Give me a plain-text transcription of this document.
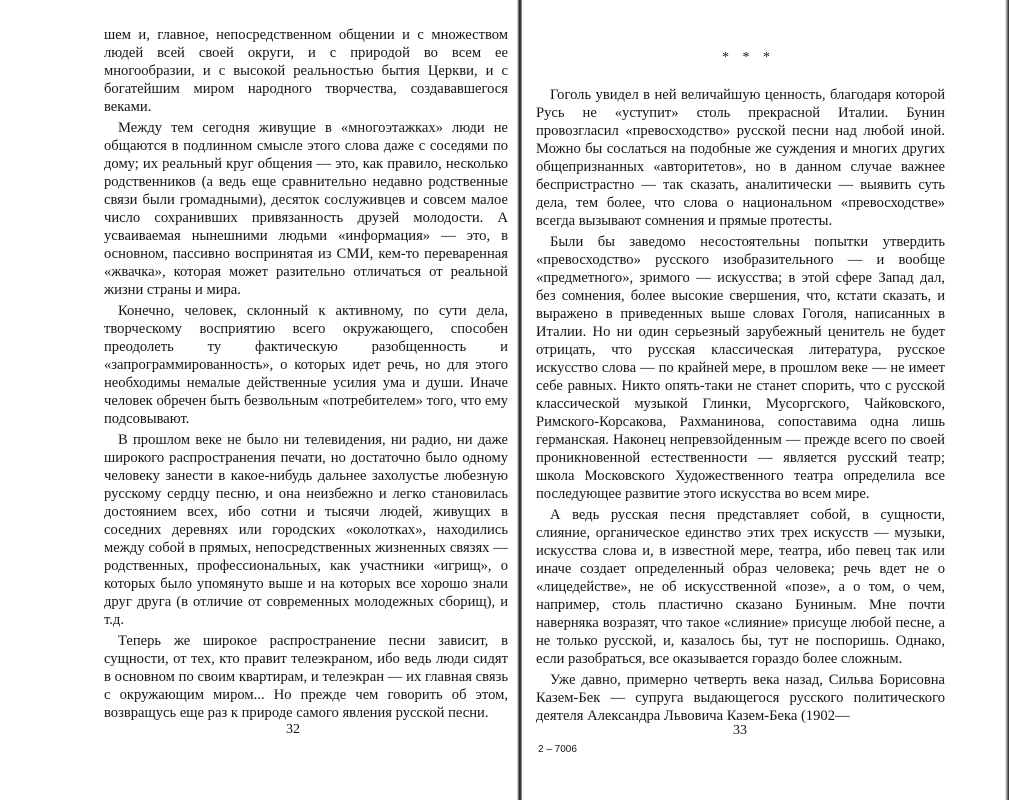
шем и, главное, непосредственном общении и с множеством людей всей своей округи, и с природой во всем ее многообразии, и с высокой реальностью бытия Церкви, и с богатейшим миром народного творчества, создававшегося веками.

Между тем сегодня живущие в «многоэтажках» люди не общаются в подлинном смысле этого слова даже с соседями по дому; их реальный круг общения — это, как правило, несколько родственников (а ведь еще сравнительно недавно родственные связи были громадными), десяток сослуживцев и совсем малое число сохранивших привязанность друзей молодости. А усваиваемая нынешними людьми «информация» — это, в основном, пассивно воспринятая из СМИ, кем-то переваренная «жвачка», которая может разительно отличаться от реальной жизни страны и мира.

Конечно, человек, склонный к активному, по сути дела, творческому восприятию всего окружающего, способен преодолеть ту фактическую разобщенность и «запрограммированность», о которых идет речь, но для этого необходимы немалые действенные усилия ума и души. Иначе человек обречен быть безвольным «потребителем» того, что ему подсовывают.

В прошлом веке не было ни телевидения, ни радио, ни даже широкого распространения печати, но достаточно было одному человеку занести в какое-нибудь дальнее захолустье любезную русскому сердцу песню, и она неизбежно и легко становилась достоянием всех, ибо сотни и тысячи людей, живущих в соседних деревнях или городских «околотках», находились между собой в прямых, непосредственных жизненных связях — родственных, профессиональных, как участники «игрищ», о которых было упомянуто выше и на которых все хорошо знали друг друга (в отличие от современных молодежных сборищ), и т.д.

Теперь же широкое распространение песни зависит, в сущности, от тех, кто правит телеэкраном, ибо ведь люди сидят в основном по своим квартирам, и телеэкран — их главная связь с окружающим миром... Но прежде чем говорить об этом, возвращусь еще раз к природе самого явления русской песни.

32
* * *

Гоголь увидел в ней величайшую ценность, благодаря которой Русь не «уступит» столь прекрасной Италии. Бунин провозгласил «превосходство» русской песни над любой иной. Можно бы сослаться на подобные же суждения и многих других общепризнанных «авторитетов», но в данном случае важнее беспристрастно — так сказать, аналитически — выявить суть дела, тем более, что слова о национальном «превосходстве» всегда вызывают сомнения и прямые протесты.

Были бы заведомо несостоятельны попытки утвердить «превосходство» русского изобразительного — и вообще «предметного», зримого — искусства; в этой сфере Запад дал, без сомнения, более высокие свершения, что, кстати сказать, и выражено в приведенных выше словах Гоголя, написанных в Италии. Но ни один серьезный зарубежный ценитель не будет отрицать, что русская классическая литература, русское искусство слова — по крайней мере, в прошлом веке — не имеет себе равных. Никто опять-таки не станет спорить, что с русской классической музыкой Глинки, Мусоргского, Чайковского, Римского-Корсакова, Рахманинова, сопоставима одна лишь германская. Наконец непревзойденным — прежде всего по своей проникновенной естественности — является русский театр; школа Московского Художественного театра определила все последующее развитие этого искусства во всем мире.

А ведь русская песня представляет собой, в сущности, слияние, органическое единство этих трех искусств — музыки, искусства слова и, в известной мере, театра, ибо певец так или иначе создает определенный образ человека; речь вдет не о «лицедействе», не об искусственной «позе», а о том, о чем, например, столь пластично сказано Буниным. Мне почти наверняка возразят, что такое «слияние» присуще любой песне, а не только русской, и, казалось бы, тут не поспоришь. Однако, если разобраться, все оказывается гораздо более сложным.

Уже давно, примерно четверть века назад, Сильва Борисовна Казем-Бек — супруга выдающегося русского политического деятеля Александра Львовича Казем-Бека (1902—

33
2 – 7006
